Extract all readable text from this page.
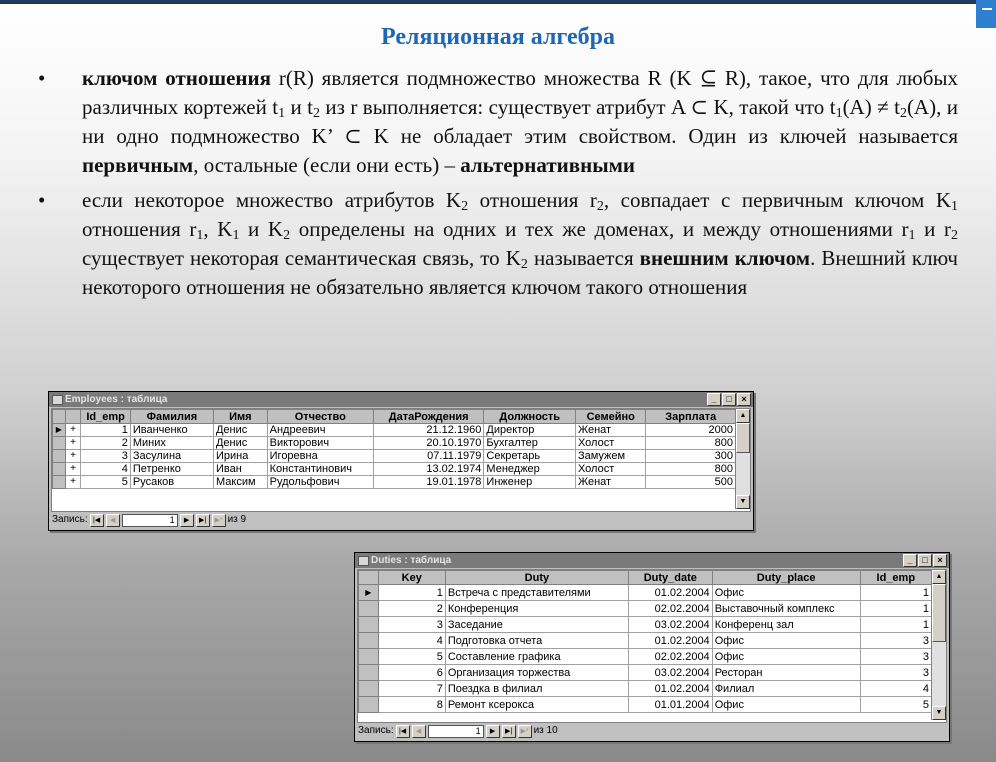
Реляционная алгебра
• ключом отношения r(R) является подмножество множества R (K ⊆ R), такое, что для любых различных кортежей $t_1$ и $t_2$ из r выполняется: существует атрибут A ⊂ K, такой что $t_1(A) \ne t_2(A)$, и ни одно подмножество K’ ⊂ K не обладает этим свойством. Один из ключей называется первичным, остальные (если они есть) – альтернативными
• если некоторое множество атрибутов $K_2$ отношения $r_2$, совпадает с первичным ключом $K_1$ отношения $r_1$, $K_1$ и $K_2$ определены на одних и тех же доменах, и между отношениями $r_1$ и $r_2$ существует некоторая семантическая связь, то $K_2$ называется внешним ключом. Внешний ключ некоторого отношения не обязательно является ключом такого отношения
Employees : таблица	_	□	×
		Id_emp	Фамилия	Имя	Отчество	ДатаРождения	Должность	Семейно	Зарплата
▶	+	1	Иванченко	Денис	Андреевич	21.12.1960	Директор	Женат	2000
	+	2	Миних	Денис	Викторович	20.10.1970	Бухгалтер	Холост	800
	+	3	Засулина	Ирина	Игоревна	07.11.1979	Секретарь	Замужем	300
	+	4	Петренко	Иван	Константинович	13.02.1974	Менеджер	Холост	800
	+	5	Русаков	Максим	Рудольфович	19.01.1978	Инженер	Женат	500
▲
▼
Запись: |◀	◀	1	▶	▶|	▶* из 9
Duties : таблица	_	□	×
	Key	Duty	Duty_date	Duty_place	Id_emp
▶	1	Встреча с представителями	01.02.2004	Офис	1
	2	Конференция	02.02.2004	Выставочный комплекс	1
	3	Заседание	03.02.2004	Конференц зал	1
	4	Подготовка отчета	01.02.2004	Офис	3
	5	Составление графика	02.02.2004	Офис	3
	6	Организация торжества	03.02.2004	Ресторан	3
	7	Поездка в филиал	01.02.2004	Филиал	4
	8	Ремонт ксерокса	01.01.2004	Офис	5
▲
▼
Запись: |◀	◀	1	▶	▶|	▶* из 10
